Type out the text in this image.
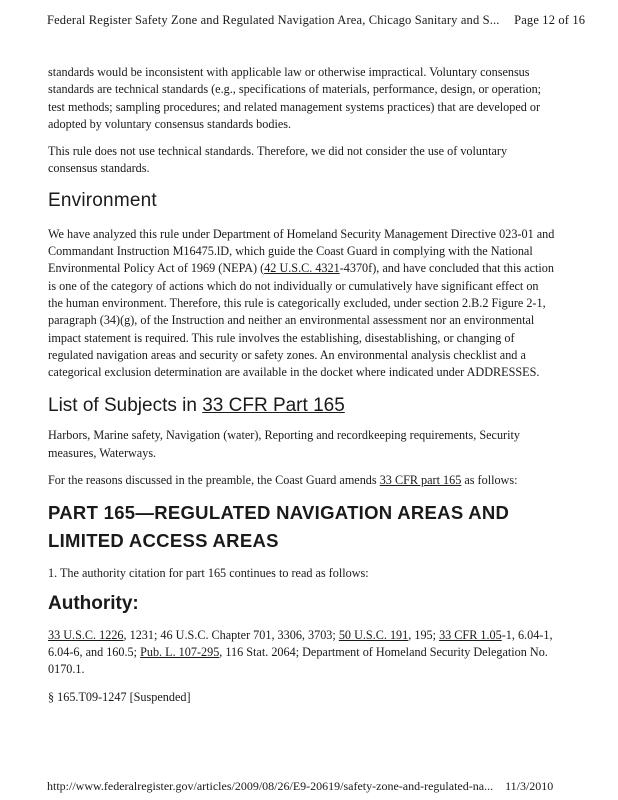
Federal Register Safety Zone and Regulated Navigation Area, Chicago Sanitary and S... Page 12 of 16

standards would be inconsistent with applicable law or otherwise impractical. Voluntary consensus standards are technical standards (e.g., specifications of materials, performance, design, or operation; test methods; sampling procedures; and related management systems practices) that are developed or adopted by voluntary consensus standards bodies.

This rule does not use technical standards. Therefore, we did not consider the use of voluntary consensus standards.

Environment

We have analyzed this rule under Department of Homeland Security Management Directive 023-01 and Commandant Instruction M16475.lD, which guide the Coast Guard in complying with the National Environmental Policy Act of 1969 (NEPA) (42 U.S.C. 4321-4370f), and have concluded that this action is one of the category of actions which do not individually or cumulatively have significant effect on the human environment. Therefore, this rule is categorically excluded, under section 2.B.2 Figure 2-1, paragraph (34)(g), of the Instruction and neither an environmental assessment nor an environmental impact statement is required. This rule involves the establishing, disestablishing, or changing of regulated navigation areas and security or safety zones. An environmental analysis checklist and a categorical exclusion determination are available in the docket where indicated under ADDRESSES.

List of Subjects in 33 CFR Part 165

Harbors, Marine safety, Navigation (water), Reporting and recordkeeping requirements, Security measures, Waterways.

For the reasons discussed in the preamble, the Coast Guard amends 33 CFR part 165 as follows:

PART 165—REGULATED NAVIGATION AREAS AND LIMITED ACCESS AREAS

1. The authority citation for part 165 continues to read as follows:

Authority:

33 U.S.C. 1226, 1231; 46 U.S.C. Chapter 701, 3306, 3703; 50 U.S.C. 191, 195; 33 CFR 1.05-1, 6.04-1, 6.04-6, and 160.5; Pub. L. 107-295, 116 Stat. 2064; Department of Homeland Security Delegation No. 0170.1.

§ 165.T09-1247 [Suspended]

http://www.federalregister.gov/articles/2009/08/26/E9-20619/safety-zone-and-regulated-na... 11/3/2010
